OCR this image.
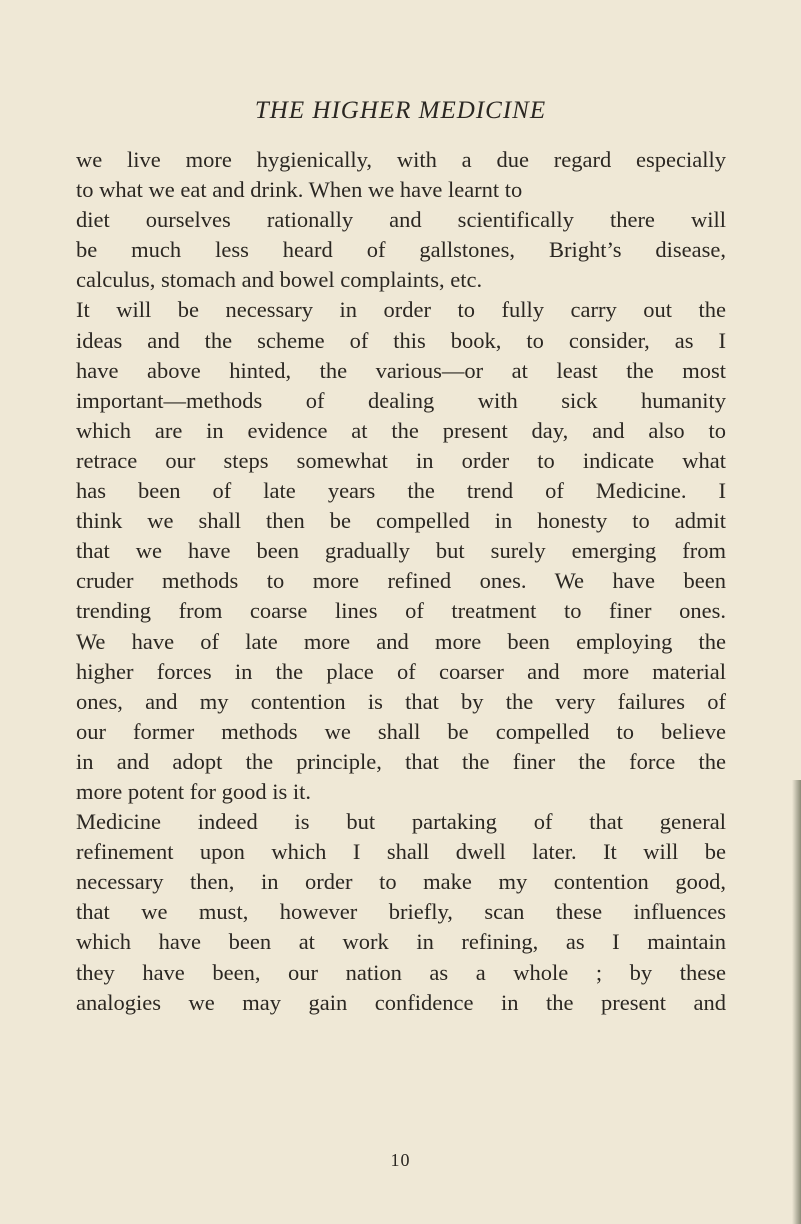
THE HIGHER MEDICINE
we live more hygienically, with a due regard especially
to what we eat and drink. When we have learnt to
diet ourselves rationally and scientifically there will
be much less heard of gallstones, Bright’s disease,
calculus, stomach and bowel complaints, etc.
It will be necessary in order to fully carry out the
ideas and the scheme of this book, to consider, as I
have above hinted, the various—or at least the most
important—methods of dealing with sick humanity
which are in evidence at the present day, and also to
retrace our steps somewhat in order to indicate what
has been of late years the trend of Medicine. I
think we shall then be compelled in honesty to admit
that we have been gradually but surely emerging from
cruder methods to more refined ones. We have been
trending from coarse lines of treatment to finer ones.
We have of late more and more been employing the
higher forces in the place of coarser and more material
ones, and my contention is that by the very failures of
our former methods we shall be compelled to believe
in and adopt the principle, that the finer the force the
more potent for good is it.
Medicine indeed is but partaking of that general
refinement upon which I shall dwell later. It will be
necessary then, in order to make my contention good,
that we must, however briefly, scan these influences
which have been at work in refining, as I maintain
they have been, our nation as a whole ; by these
analogies we may gain confidence in the present and
10
